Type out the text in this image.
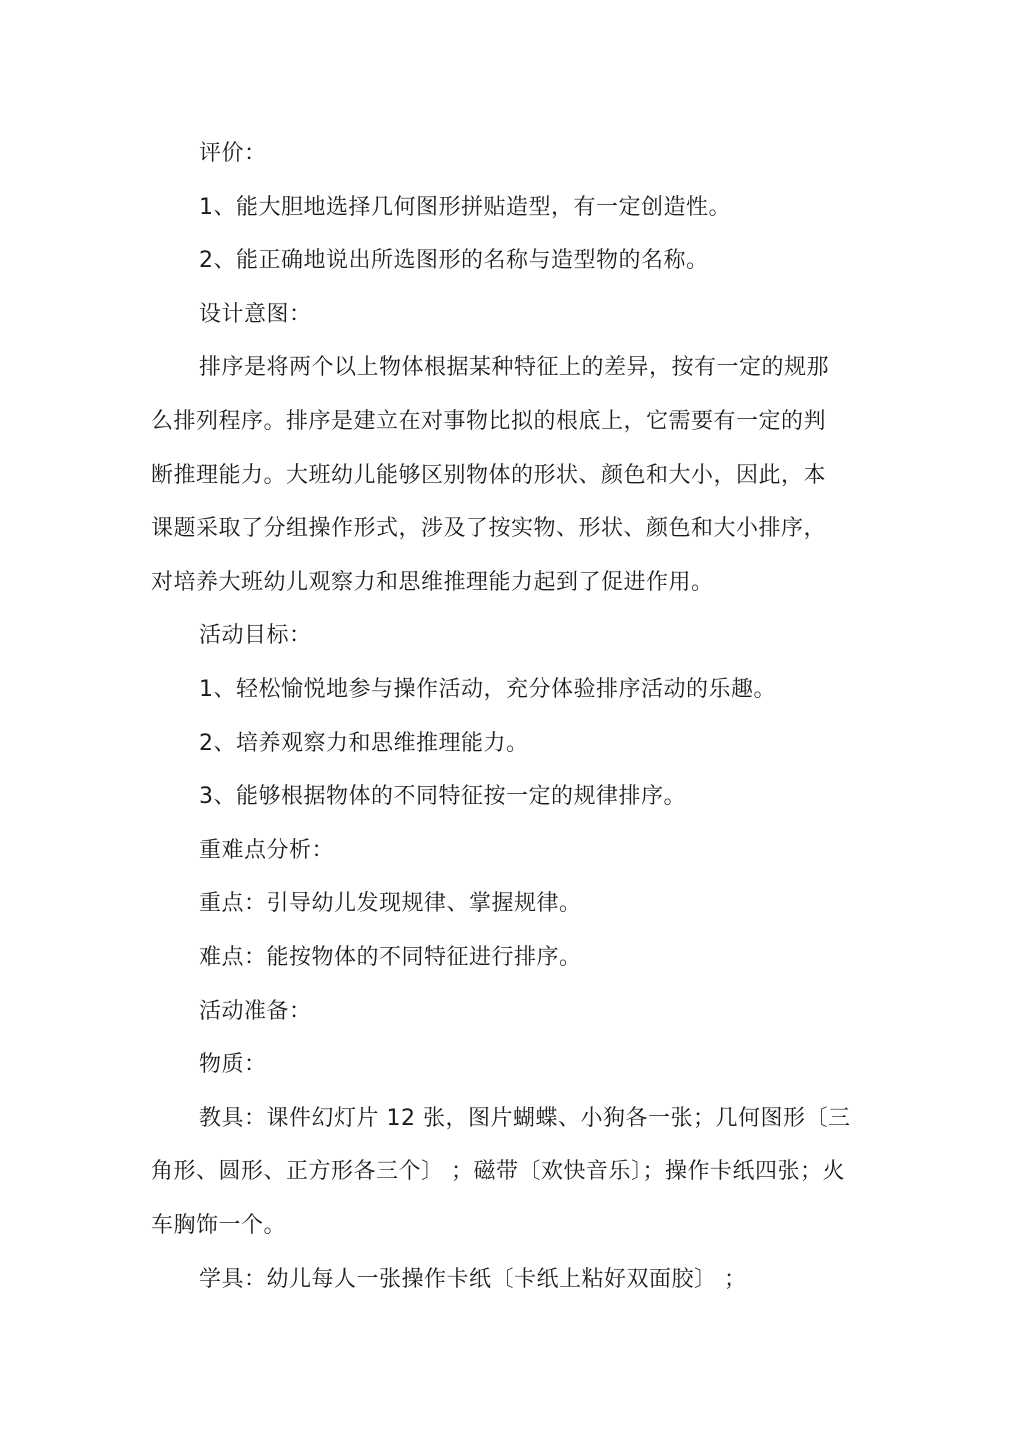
评价：
1、能大胆地选择几何图形拼贴造型，有一定创造性。
2、能正确地说出所选图形的名称与造型物的名称。
设计意图：
排序是将两个以上物体根据某种特征上的差异，按有一定的规那
么排列程序。排序是建立在对事物比拟的根底上，它需要有一定的判
断推理能力。大班幼儿能够区别物体的形状、颜色和大小，因此，本
课题采取了分组操作形式，涉及了按实物、形状、颜色和大小排序，
对培养大班幼儿观察力和思维推理能力起到了促进作用。
活动目标：
1、轻松愉悦地参与操作活动，充分体验排序活动的乐趣。
2、培养观察力和思维推理能力。
3、能够根据物体的不同特征按一定的规律排序。
重难点分析：
重点：引导幼儿发现规律、掌握规律。
难点：能按物体的不同特征进行排序。
活动准备：
物质：
教具：课件幻灯片 12 张，图片蝴蝶、小狗各一张；几何图形〔三
角形、圆形、正方形各三个〕 ；磁带〔欢快音乐〕；操作卡纸四张；火
车胸饰一个。
学具：幼儿每人一张操作卡纸〔卡纸上粘好双面胶〕 ；
